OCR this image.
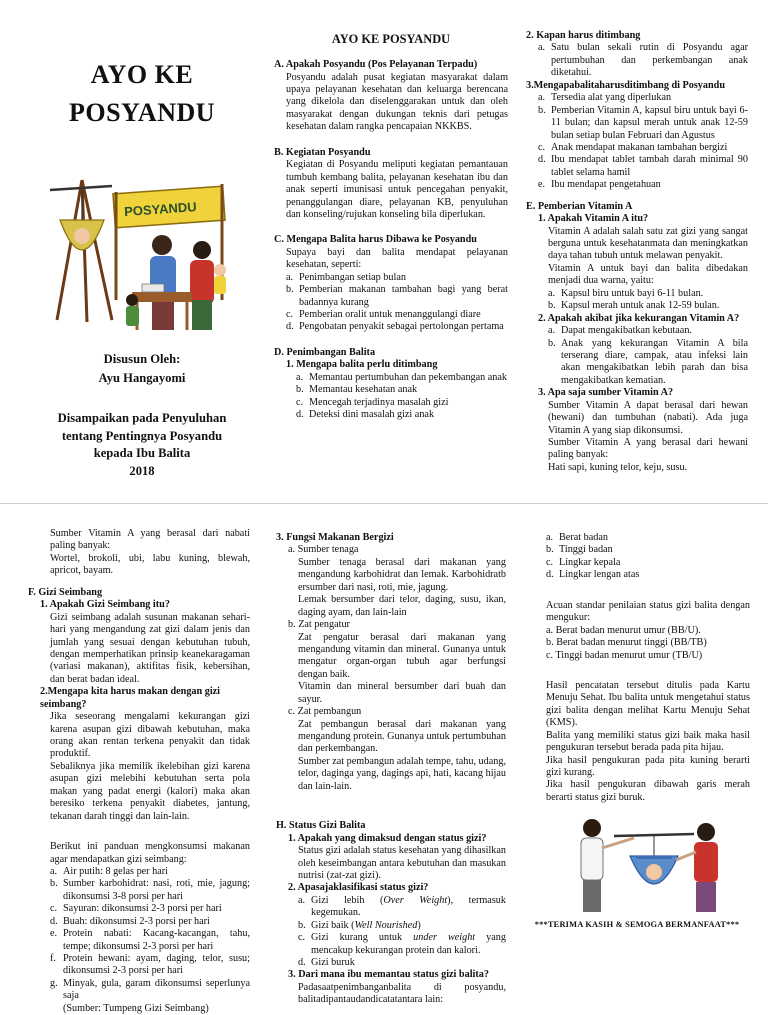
AYO KE
POSYANDU
POSYANDU
Disusun Oleh:
Ayu Hangayomi
Disampaikan pada Penyuluhan tentang Pentingnya Posyandu kepada Ibu Balita
2018
AYO KE POSYANDU
A. Apakah Posyandu (Pos Pelayanan Terpadu)
Posyandu adalah pusat kegiatan masyarakat dalam upaya pelayanan kesehatan dan keluarga berencana yang dikelola dan diselenggarakan untuk dan oleh masyarakat dengan dukungan teknis dari petugas kesehatan dalam rangka pencapaian NKKBS.
B. Kegiatan Posyandu
Kegiatan di Posyandu meliputi kegiatan pemantauan tumbuh kembang balita, pelayanan kesehatan ibu dan anak seperti imunisasi untuk pencegahan penyakit, penanggulangan diare, pelayanan KB, penyuluhan dan konseling/rujukan konseling bila diperlukan.
C. Mengapa Balita harus Dibawa ke Posyandu
Supaya bayi dan balita mendapat pelayanan kesehatan, seperti:
a. Penimbangan setiap bulan
b. Pemberian makanan tambahan bagi yang berat badannya kurang
c. Pemberian oralit untuk menanggulangi diare
d. Pengobatan penyakit sebagai pertolongan pertama
D. Penimbangan Balita
1. Mengapa balita perlu ditimbang
a. Memantau pertumbuhan dan pekembangan anak
b. Memantau kesehatan anak
c. Mencegah terjadinya masalah gizi
d. Deteksi dini masalah gizi anak
2. Kapan harus ditimbang
a. Satu bulan sekali rutin di Posyandu agar pertumbuhan dan perkembangan anak diketahui.
3.Mengapabalitaharusditimbang di Posyandu
a. Tersedia alat yang diperlukan
b. Pemberian Vitamin A, kapsul biru untuk bayi 6-11 bulan; dan kapsul merah untuk anak 12-59 bulan setiap bulan Februari dan Agustus
c. Anak mendapat makanan tambahan bergizi
d. Ibu mendapat tablet tambah darah minimal 90 tablet selama hamil
e. Ibu mendapat pengetahuan
E. Pemberian Vitamin A
1. Apakah Vitamin A itu?
Vitamin A adalah salah satu zat gizi yang sangat berguna untuk kesehatanmata dan meningkatkan daya tahan tubuh untuk melawan penyakit.
Vitamin A untuk bayi dan balita dibedakan menjadi dua warna, yaitu:
a. Kapsul biru untuk bayi 6-11 bulan.
b. Kapsul merah untuk anak 12-59 bulan.
2. Apakah akibat jika kekurangan Vitamin A?
a. Dapat mengakibatkan kebutaan.
b. Anak yang kekurangan Vitamin A bila terserang diare, campak, atau infeksi lain akan mengakibatkan lebih parah dan bisa mengakibatkan kematian.
3. Apa saja sumber Vitamin A?
Sumber Vitamin A dapat berasal dari hewan (hewani) dan tumbuhan (nabati). Ada juga Vitamin A yang siap dikonsumsi.
Sumber Vitamin A yang berasal dari hewani paling banyak:
Hati sapi, kuning telor, keju, susu.
Sumber Vitamin A yang berasal dari nabati paling banyak:
Wortel, brokoli, ubi, labu kuning, blewah, apricot, bayam.
F. Gizi Seimbang
1. Apakah Gizi Seimbang itu?
Gizi seimbang adalah susunan makanan sehari-hari yang mengandung zat gizi dalam jenis dan jumlah yang sesuai dengan kebutuhan tubuh, dengan memperhatikan prinsip keanekaragaman (variasi makanan), aktifitas fisik, kebersihan, dan berat badan ideal.
2.Mengapa kita harus makan dengan gizi seimbang?
Jika seseorang mengalami kekurangan gizi karena asupan gizi dibawah kebutuhan, maka orang akan rentan terkena penyakit dan tidak produktif.
Sebaliknya jika memilik ikelebihan gizi karena asupan gizi melebihi kebutuhan serta pola makan yang padat energi (kalori) maka akan beresiko terkena penyakit diabetes, jantung, tekanan darah tinggi dan lain-lain.
Berikut ini panduan mengkonsumsi makanan agar mendapatkan gizi seimbang:
a. Air putih: 8 gelas per hari
b. Sumber karbohidrat: nasi, roti, mie, jagung; dikonsumsi 3-8 porsi per hari
c. Sayuran: dikonsumsi 2-3 porsi per hari
d. Buah: dikonsumsi 2-3 porsi per hari
e. Protein nabati: Kacang-kacangan, tahu, tempe; dikonsumsi 2-3 porsi per hari
f. Protein hewani: ayam, daging, telor, susu; dikonsumsi 2-3 porsi per hari
g. Minyak, gula, garam dikonsumsi seperlunya saja
(Sumber: Tumpeng Gizi Seimbang)
3. Fungsi Makanan Bergizi
a. Sumber tenaga
Sumber tenaga berasal dari makanan yang mengandung karbohidrat dan lemak. Karbohidratb ersumber dari nasi, roti, mie, jagung.
Lemak bersumber dari telor, daging, susu, ikan, daging ayam, dan lain-lain
b. Zat pengatur
Zat pengatur berasal dari makanan yang mengandung vitamin dan mineral. Gunanya untuk mengatur organ-organ tubuh agar berfungsi dengan baik.
Vitamin dan mineral bersumber dari buah dan sayur.
c. Zat pembangun
Zat pembangun berasal dari makanan yang mengandung protein. Gunanya untuk pertumbuhan dan perkembangan.
Sumber zat pembangun adalah tempe, tahu, udang, telor, daginga yang, dagings api, hati, kacang hijau dan lain-lain.
H. Status Gizi Balita
1. Apakah yang dimaksud dengan status gizi?
Status gizi adalah status kesehatan yang dihasilkan oleh keseimbangan antara kebutuhan dan masukan nutrisi (zat-zat gizi).
2. Apasajaklasifikasi status gizi?
a. Gizi lebih (Over Weight), termasuk kegemukan.
b. Gizi baik (Well Nourished)
c. Gizi kurang untuk under weight yang mencakup kekurangan protein dan kalori.
d. Gizi buruk
3. Dari mana ibu memantau status gizi balita?
Padasaatpenimbanganbalita di posyandu, balitadipantaudandicatatantara lain:
a. Berat badan
b. Tinggi badan
c. Lingkar kepala
d. Lingkar lengan atas
Acuan standar penilaian status gizi balita dengan mengukur:
a. Berat badan menurut umur (BB/U).
b. Berat badan menurut tinggi (BB/TB)
c. Tinggi badan menurut umur (TB/U)
Hasil pencatatan tersebut ditulis pada Kartu Menuju Sehat. Ibu balita untuk mengetahui status gizi balita dengan melihat Kartu Menuju Sehat (KMS).
Balita yang memiliki status gizi baik maka hasil pengukuran tersebut berada pada pita hijau.
Jika hasil pengukuran pada pita kuning berarti gizi kurang.
Jika hasil pengukuran dibawah garis merah berarti status gizi buruk.
***TERIMA KASIH & SEMOGA BERMANFAAT***
